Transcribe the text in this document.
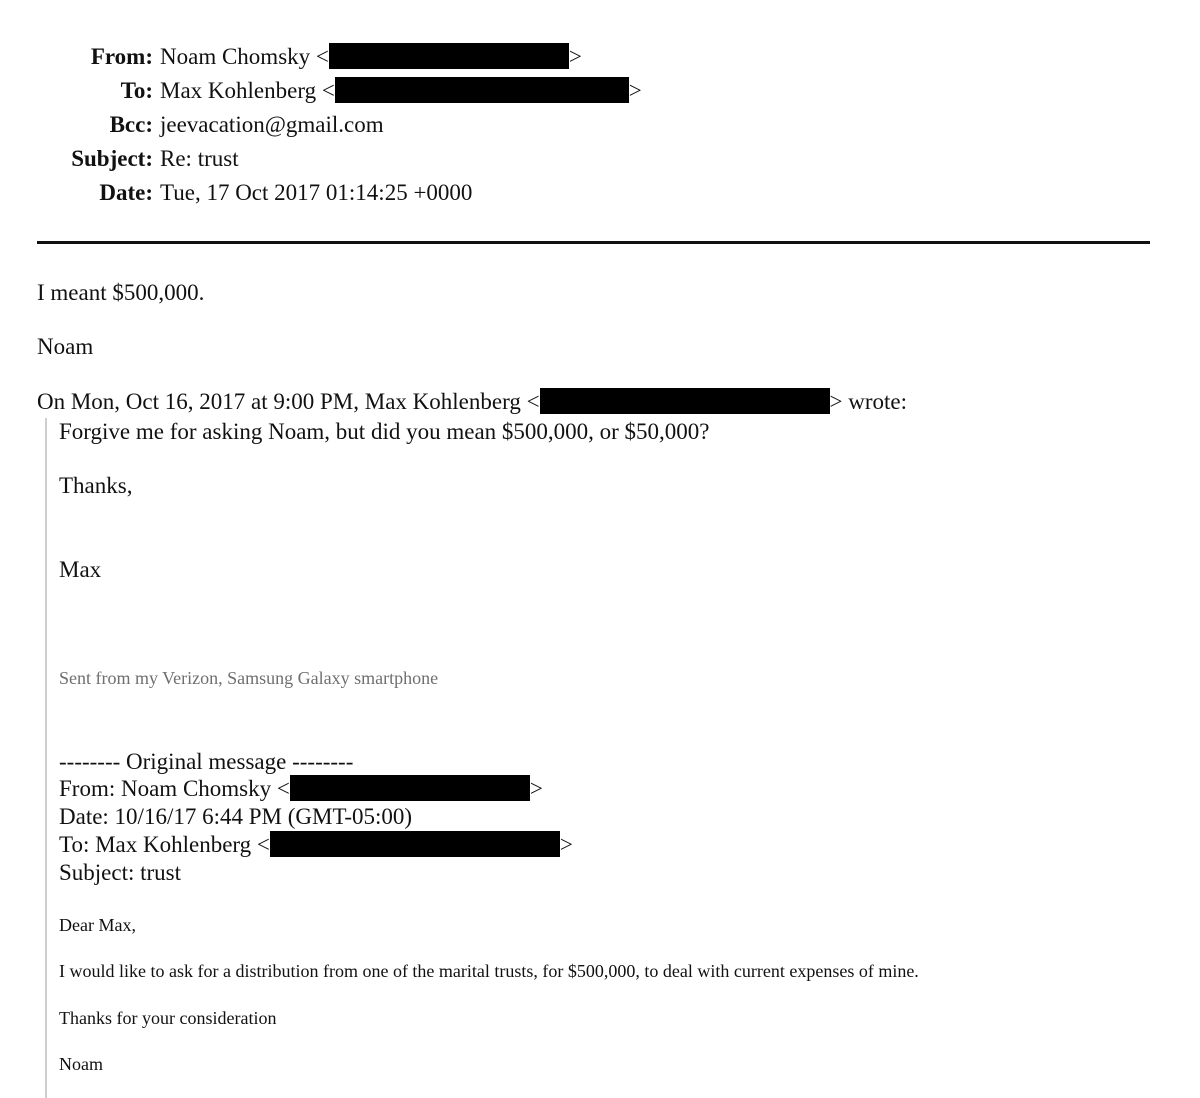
From: Noam Chomsky <	>
To: Max Kohlenberg <	>
Bcc: jeevacation@gmail.com
Subject: Re: trust
Date: Tue, 17 Oct 2017 01:14:25 +0000
I meant $500,000.
Noam
On Mon, Oct 16, 2017 at 9:00 PM, Max Kohlenberg <	> wrote:
Forgive me for asking Noam, but did you mean $500,000, or $50,000?
Thanks,
Max
Sent from my Verizon, Samsung Galaxy smartphone
-------- Original message --------
From: Noam Chomsky <	>
Date: 10/16/17 6:44 PM (GMT-05:00)
To: Max Kohlenberg <	>
Subject: trust
Dear Max,
I would like to ask for a distribution from one of the marital trusts, for $500,000, to deal with current expenses of mine.
Thanks for your consideration
Noam
